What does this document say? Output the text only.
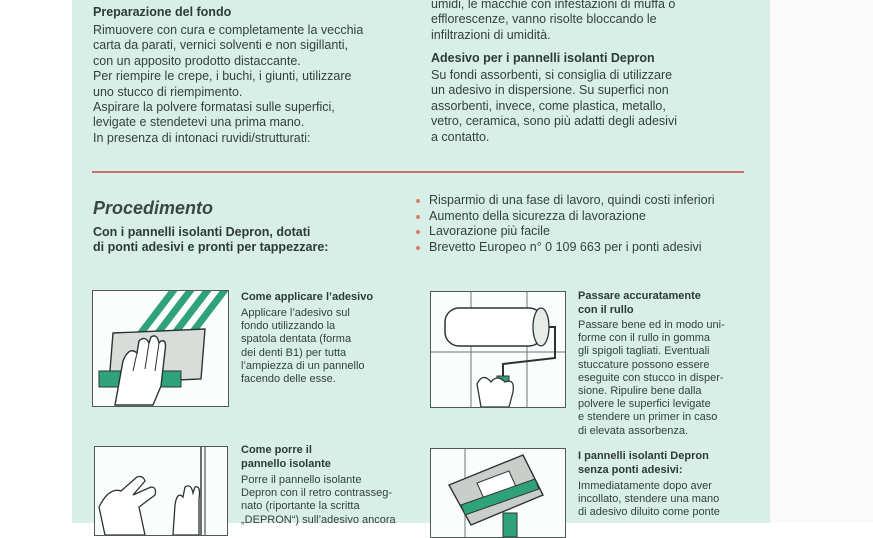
Preparazione del fondo
Rimuovere con cura e completamente la vecchia
carta da parati, vernici solventi e non sigillanti,
con un apposito prodotto distaccante.
Per riempire le crepe, i buchi, i giunti, utilizzare
uno stucco di riempimento.
Aspirare la polvere formatasi sulle superfici,
levigate e stendetevi una prima mano.
In presenza di intonaci ruvidi/strutturati:
umidi, le macchie con infestazioni di muffa o
efflorescenze, vanno risolte bloccando le
infiltrazioni di umidità.
Adesivo per i pannelli isolanti Depron
Su fondi assorbenti, si consiglia di utilizzare
un adesivo in dispersione. Su superfici non
assorbenti, invece, come plastica, metallo,
vetro, ceramica, sono più adatti degli adesivi
a contatto.
Procedimento
Con i pannelli isolanti Depron, dotati
di ponti adesivi e pronti per tappezzare:
Risparmio di una fase di lavoro, quindi costi inferiori
Aumento della sicurezza di lavorazione
Lavorazione più facile
Brevetto Europeo n° 0 109 663 per i ponti adesivi
Come applicare l’adesivo
Applicare l’adesivo sul
fondo utilizzando la
spatola dentata (forma
dei denti B1) per tutta
l’ampiezza di un pannello
facendo delle esse.
Passare accuratamente
con il rullo
Passare bene ed in modo uni-
forme con il rullo in gomma
gli spigoli tagliati. Eventuali
stuccature possono essere
eseguite con stucco in disper-
sione. Ripulire bene dalla
polvere le superfici levigate
e stendere un primer in caso
di elevata assorbenza.
Come porre il
pannello isolante
Porre il pannello isolante
Depron con il retro contrasseg-
nato (riportante la scritta
„DEPRON“) sull’adesivo ancora
I pannelli isolanti Depron
senza ponti adesivi:
Immediatamente dopo aver
incollato, stendere una mano
di adesivo diluito come ponte
